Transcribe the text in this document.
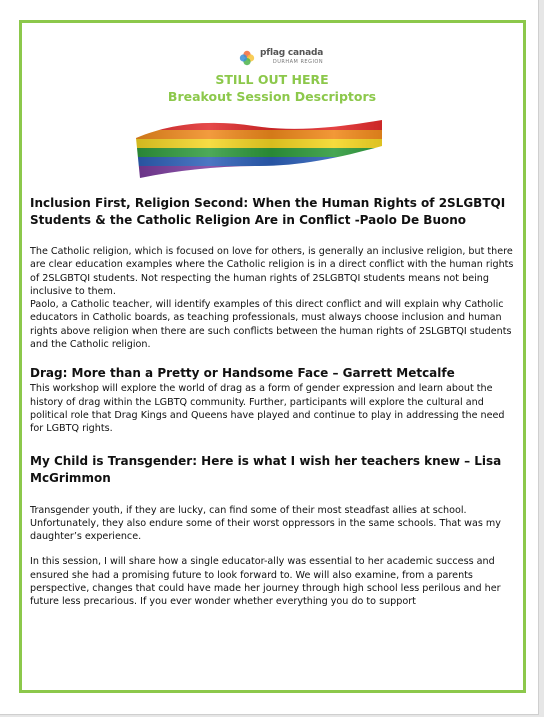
pflag canada
DURHAM REGION
STILL OUT HERE
Breakout Session Descriptors
Inclusion First, Religion Second: When the Human Rights of 2SLGBTQI Students & the Catholic Religion Are in Conflict -Paolo De Buono

The Catholic religion, which is focused on love for others, is generally an inclusive religion, but there are clear education examples where the Catholic religion is in a direct conflict with the human rights of 2SLGBTQI students. Not respecting the human rights of 2SLGBTQI students means not being inclusive to them.

Paolo, a Catholic teacher, will identify examples of this direct conflict and will explain why Catholic educators in Catholic boards, as teaching professionals, must always choose inclusion and human rights above religion when there are such conflicts between the human rights of 2SLGBTQI students and the Catholic religion.

Drag: More than a Pretty or Handsome Face – Garrett Metcalfe

This workshop will explore the world of drag as a form of gender expression and learn about the history of drag within the LGBTQ community. Further, participants will explore the cultural and political role that Drag Kings and Queens have played and continue to play in addressing the need for LGBTQ rights.

My Child is Transgender: Here is what I wish her teachers knew – Lisa McGrimmon

Transgender youth, if they are lucky, can find some of their most steadfast allies at school. Unfortunately, they also endure some of their worst oppressors in the same schools. That was my daughter’s experience.

In this session, I will share how a single educator-ally was essential to her academic success and ensured she had a promising future to look forward to. We will also examine, from a parents perspective, changes that could have made her journey through high school less perilous and her future less precarious. If you ever wonder whether everything you do to support
